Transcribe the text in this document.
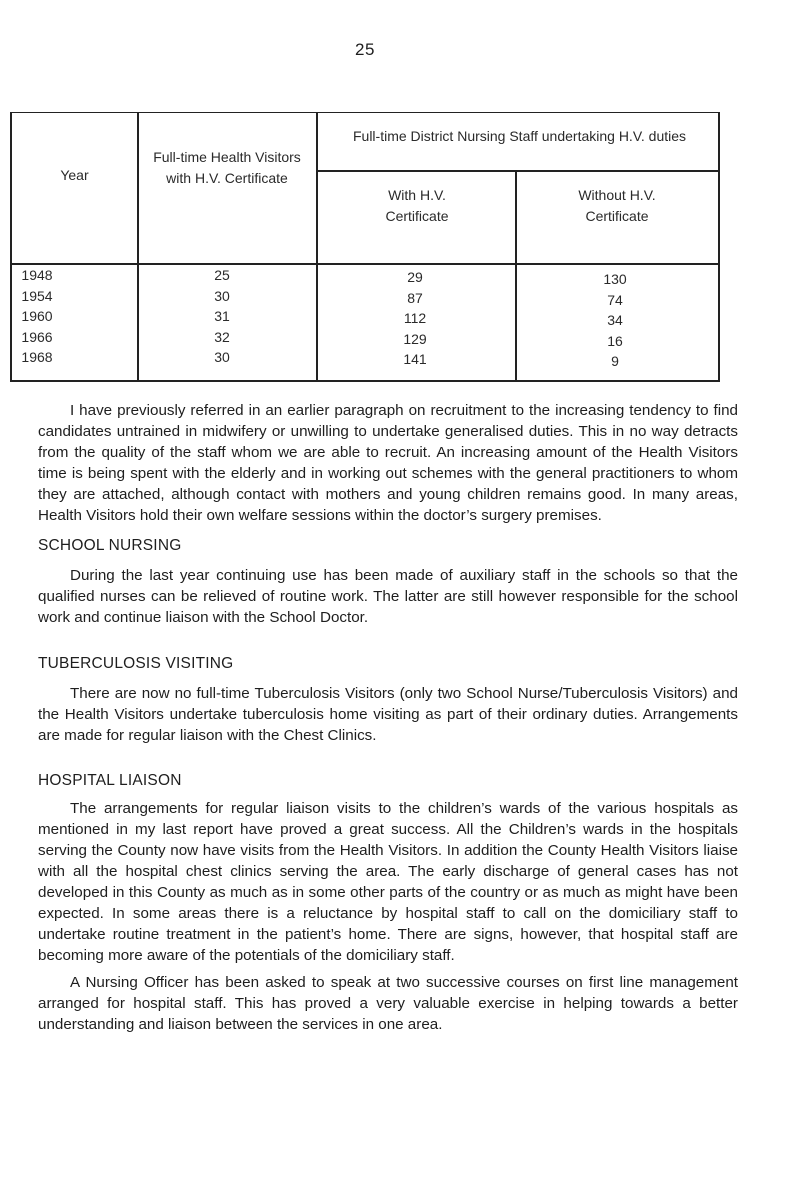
25
Year
Full-time Health Visitors with H.V. Certificate
Full-time District Nursing Staff undertaking H.V. duties
With H.V. Certificate
Without H.V. Certificate
1948
1954
1960
1966
1968
25
30
31
32
30
29
87
112
129
141
130
74
34
16
9

I have previously referred in an earlier paragraph on recruitment to the increasing tendency to find candidates untrained in midwifery or unwilling to undertake generalised duties. This in no way detracts from the quality of the staff whom we are able to recruit. An increasing amount of the Health Visitors time is being spent with the elderly and in working out schemes with the general practitioners to whom they are attached, although contact with mothers and young children remains good. In many areas, Health Visitors hold their own welfare sessions within the doctor’s surgery premises.

SCHOOL NURSING

During the last year continuing use has been made of auxiliary staff in the schools so that the qualified nurses can be relieved of routine work. The latter are still however responsible for the school work and continue liaison with the School Doctor.

TUBERCULOSIS VISITING

There are now no full-time Tuberculosis Visitors (only two School Nurse/Tuberculosis Visitors) and the Health Visitors undertake tuberculosis home visiting as part of their ordinary duties. Arrangements are made for regular liaison with the Chest Clinics.

HOSPITAL LIAISON

The arrangements for regular liaison visits to the children’s wards of the various hospitals as mentioned in my last report have proved a great success. All the Children’s wards in the hospitals serving the County now have visits from the Health Visitors. In addition the County Health Visitors liaise with all the hospital chest clinics serving the area. The early discharge of general cases has not developed in this County as much as in some other parts of the country or as much as might have been expected. In some areas there is a reluctance by hospital staff to call on the domiciliary staff to undertake routine treatment in the patient’s home. There are signs, however, that hospital staff are becoming more aware of the potentials of the domiciliary staff.

A Nursing Officer has been asked to speak at two successive courses on first line management arranged for hospital staff. This has proved a very valuable exercise in helping towards a better understanding and liaison between the services in one area.
